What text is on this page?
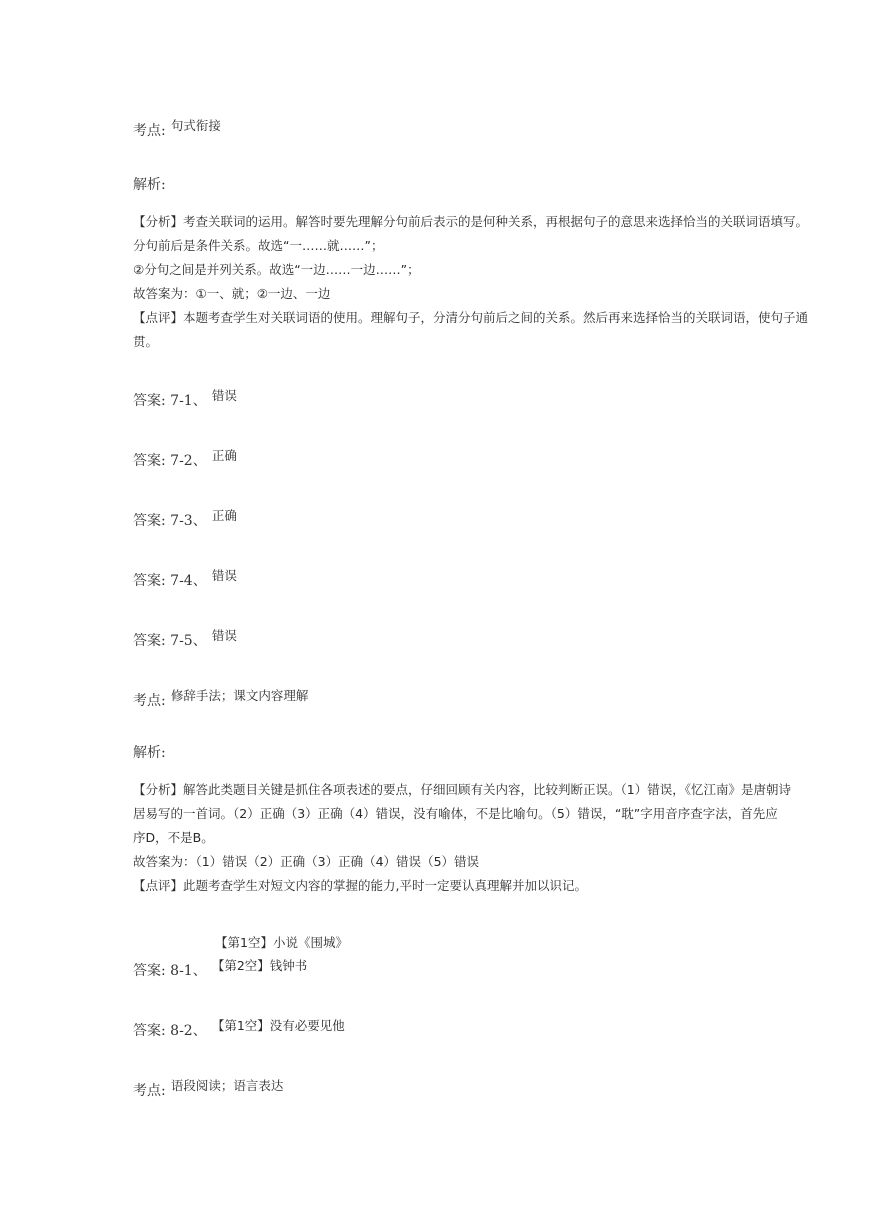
考点: $^{句式衔接}$
解析:
【分析】考查关联词的运用。解答时要先理解分句前后表示的是何种关系，再根据句子的意思来选择恰当的关联词语填写。
分句前后是条件关系。故选“一……就……”；
②分句之间是并列关系。故选“一边……一边……”；
故答案为：①一、就；②一边、一边
【点评】本题考查学生对关联词语的使用。理解句子，分清分句前后之间的关系。然后再来选择恰当的关联词语，使句子通
贯。
答案: 7-1、 $^{错误}$
答案: 7-2、 $^{正确}$
答案: 7-3、 $^{正确}$
答案: 7-4、 $^{错误}$
答案: 7-5、 $^{错误}$
考点: $^{修辞手法;课文内容理解}$
解析:
【分析】解答此类题目关键是抓住各项表述的要点，仔细回顾有关内容，比较判断正误。（1）错误，《忆江南》是唐朝诗
居易写的一首词。（2）正确（3）正确（4）错误，没有喻体，不是比喻句。（5）错误，“耽”字用音序查字法，首先应
序D，不是B。
故答案为：（1）错误（2）正确（3）正确（4）错误（5）错误
【点评】此题考查学生对短文内容的掌握的能力,平时一定要认真理解并加以识记。
【第1空】小说《围城》
答案: 8-1、 $^{【第2空】钱钟书}$
答案: 8-2、 $^{【第1空】没有必要见他}$
考点: $^{语段阅读;语言表达}$
